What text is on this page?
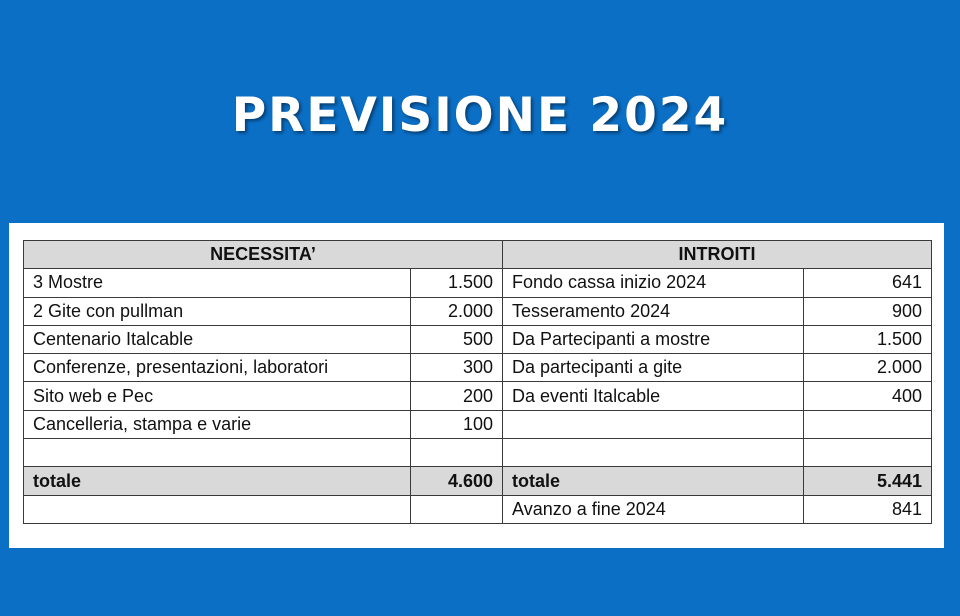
PREVISIONE 2024
NECESSITA’		INTROITI	
3 Mostre	1.500	Fondo cassa inizio 2024	641
2 Gite con pullman	2.000	Tesseramento 2024	900
Centenario Italcable	500	Da Partecipanti a mostre	1.500
Conferenze, presentazioni, laboratori	300	Da partecipanti a gite	2.000
Sito web e Pec	200	Da eventi Italcable	400
Cancelleria, stampa e varie	100		

totale	4.600	totale	5.441
		Avanzo a fine 2024	841
